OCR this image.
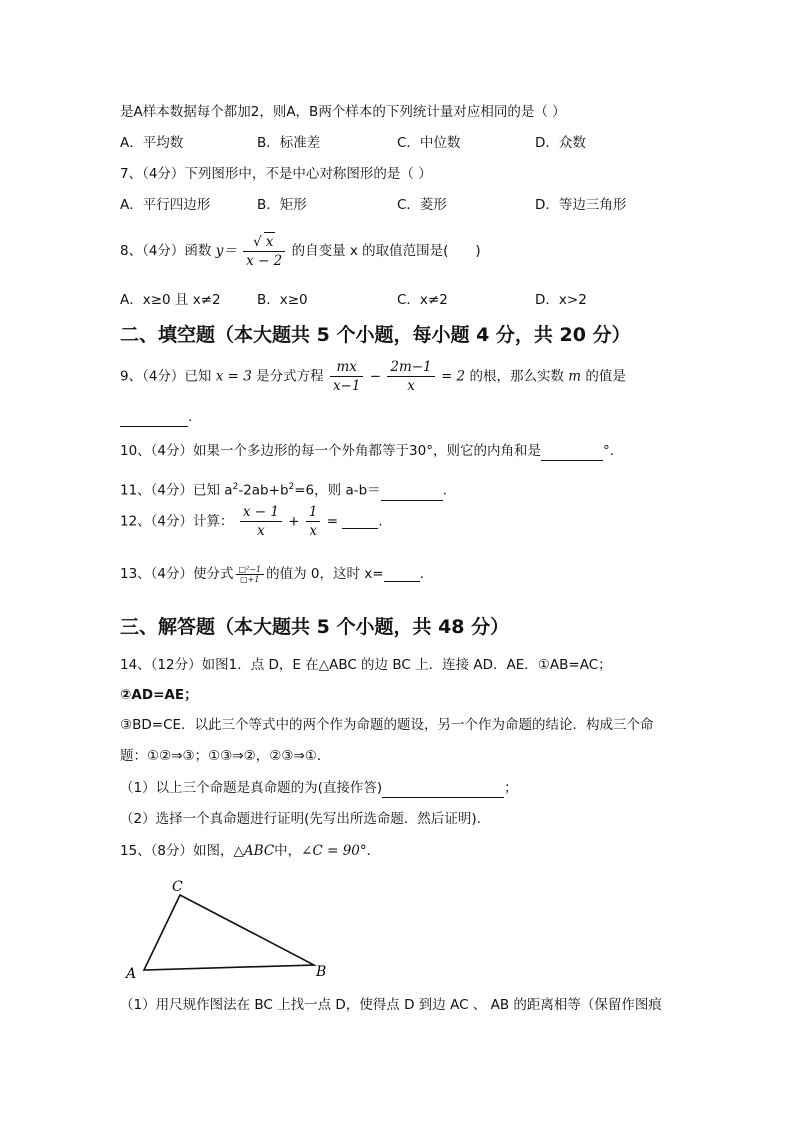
是A样本数据每个都加2，则A，B两个样本的下列统计量对应相同的是（ ）
A．平均数	B．标准差	C．中位数	D．众数
7、（4分）下列图形中，不是中心对称图形的是（ ）
A．平行四边形	B．矩形	C．菱形	D．等边三角形
8、（4分）函数 $y= \frac{√ x}{x - 2}$ 的自变量 x 的取值范围是(　　)
A．x≥0 且 x≠2	B．x≥0	C．x≠2	D．x>2
二、填空题（本大题共 5 个小题，每小题 4 分，共 20 分）
9、（4分）已知 x = 3 是分式方程 $\frac{mx}{x-1} - \frac{2m-1}{x} = 2$ 的根，那么实数 m 的值是
.
10、（4分）如果一个多边形的每一个外角都等于30°，则它的内角和是	°．
11、（4分）已知 $a^2-2ab+b^2=6$，则 a-b＝	.
12、（4分）计算： $\frac{x - 1}{x} + \frac{1}{x}$ =	.
13、（4分）使分式 $\frac{\text{□²−1}}{□+1}$ 的值为 0，这时 x=	.
三、解答题（本大题共 5 个小题，共 48 分）
14、（12分）如图1．点 D，E 在△ABC 的边 BC 上．连接 AD．AE．①AB=AC；
②AD=AE；
③BD=CE．以此三个等式中的两个作为命题的题设，另一个作为命题的结论．构成三个命
题：①②⇒③；①③⇒②，②③⇒①．
（1）以上三个命题是真命题的为(直接作答)	；
（2）选择一个真命题进行证明(先写出所选命题．然后证明)．
15、（8分）如图，△ABC中，∠C = 90°．
C
A	B
（1）用尺规作图法在 BC 上找一点 D，使得点 D 到边 AC 、 AB 的距离相等（保留作图痕
